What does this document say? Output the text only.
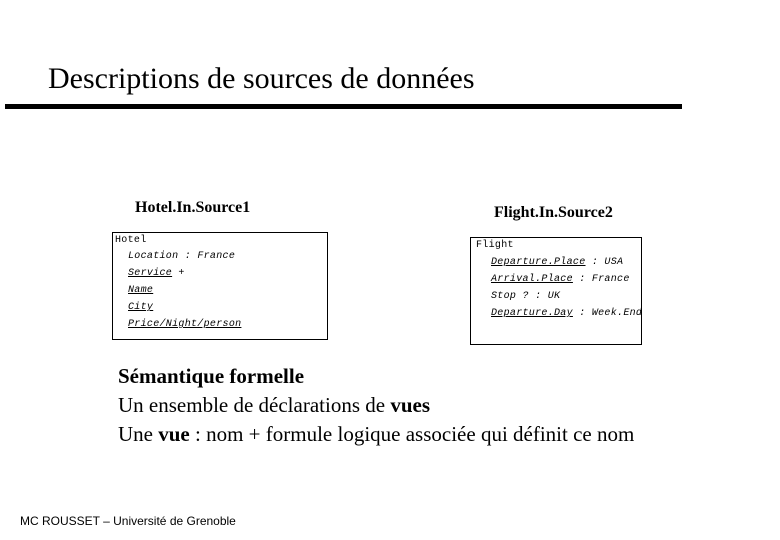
Descriptions de sources de données
Hotel.In.Source1
Hotel
Location : France
Service +
Name
City
Price/Night/person
Flight.In.Source2
Flight
Departure.Place : USA
Arrival.Place : France
Stop ? : UK
Departure.Day : Week.End
Sémantique formelle
Un ensemble de déclarations de vues
Une vue : nom + formule logique associée qui définit ce nom
MC ROUSSET – Université de Grenoble
